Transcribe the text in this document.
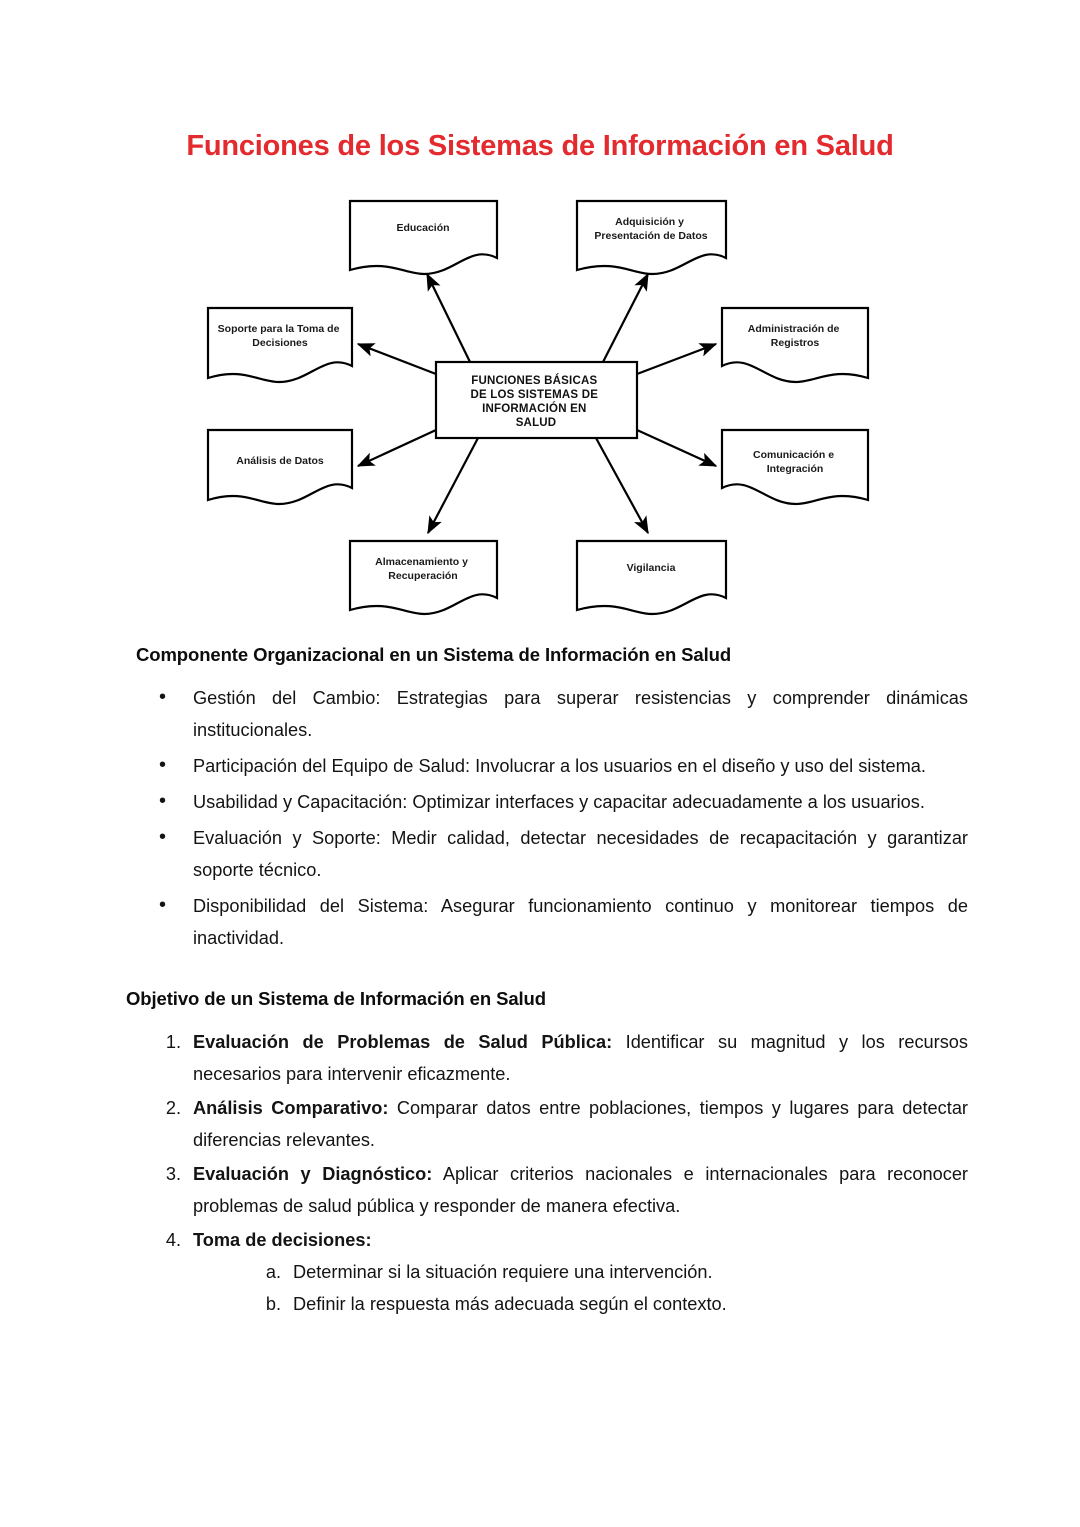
Funciones de los Sistemas de Información en Salud
Educación	Adquisición y Presentación de Datos
Soporte para la Toma de Decisiones
Administración de Registros
FUNCIONES BÁSICAS DE LOS SISTEMAS DE INFORMACIÓN EN SALUD
Análisis de Datos	Comunicación e Integración
Almacenamiento y Recuperación
Vigilancia
Componente Organizacional en un Sistema de Información en Salud
• Gestión del Cambio: Estrategias para superar resistencias y comprender dinámicas institucionales.
• Participación del Equipo de Salud: Involucrar a los usuarios en el diseño y uso del sistema.
• Usabilidad y Capacitación: Optimizar interfaces y capacitar adecuadamente a los usuarios.
• Evaluación y Soporte: Medir calidad, detectar necesidades de recapacitación y garantizar soporte técnico.
• Disponibilidad del Sistema: Asegurar funcionamiento continuo y monitorear tiempos de inactividad.
Objetivo de un Sistema de Información en Salud
Evaluación de Problemas de Salud Pública: Identificar su magnitud y los recursos necesarios para intervenir eficazmente.
Análisis Comparativo: Comparar datos entre poblaciones, tiempos y lugares para detectar diferencias relevantes.
Evaluación y Diagnóstico: Aplicar criterios nacionales e internacionales para reconocer problemas de salud pública y responder de manera efectiva.
Toma de decisiones:
Determinar si la situación requiere una intervención.
Definir la respuesta más adecuada según el contexto.
